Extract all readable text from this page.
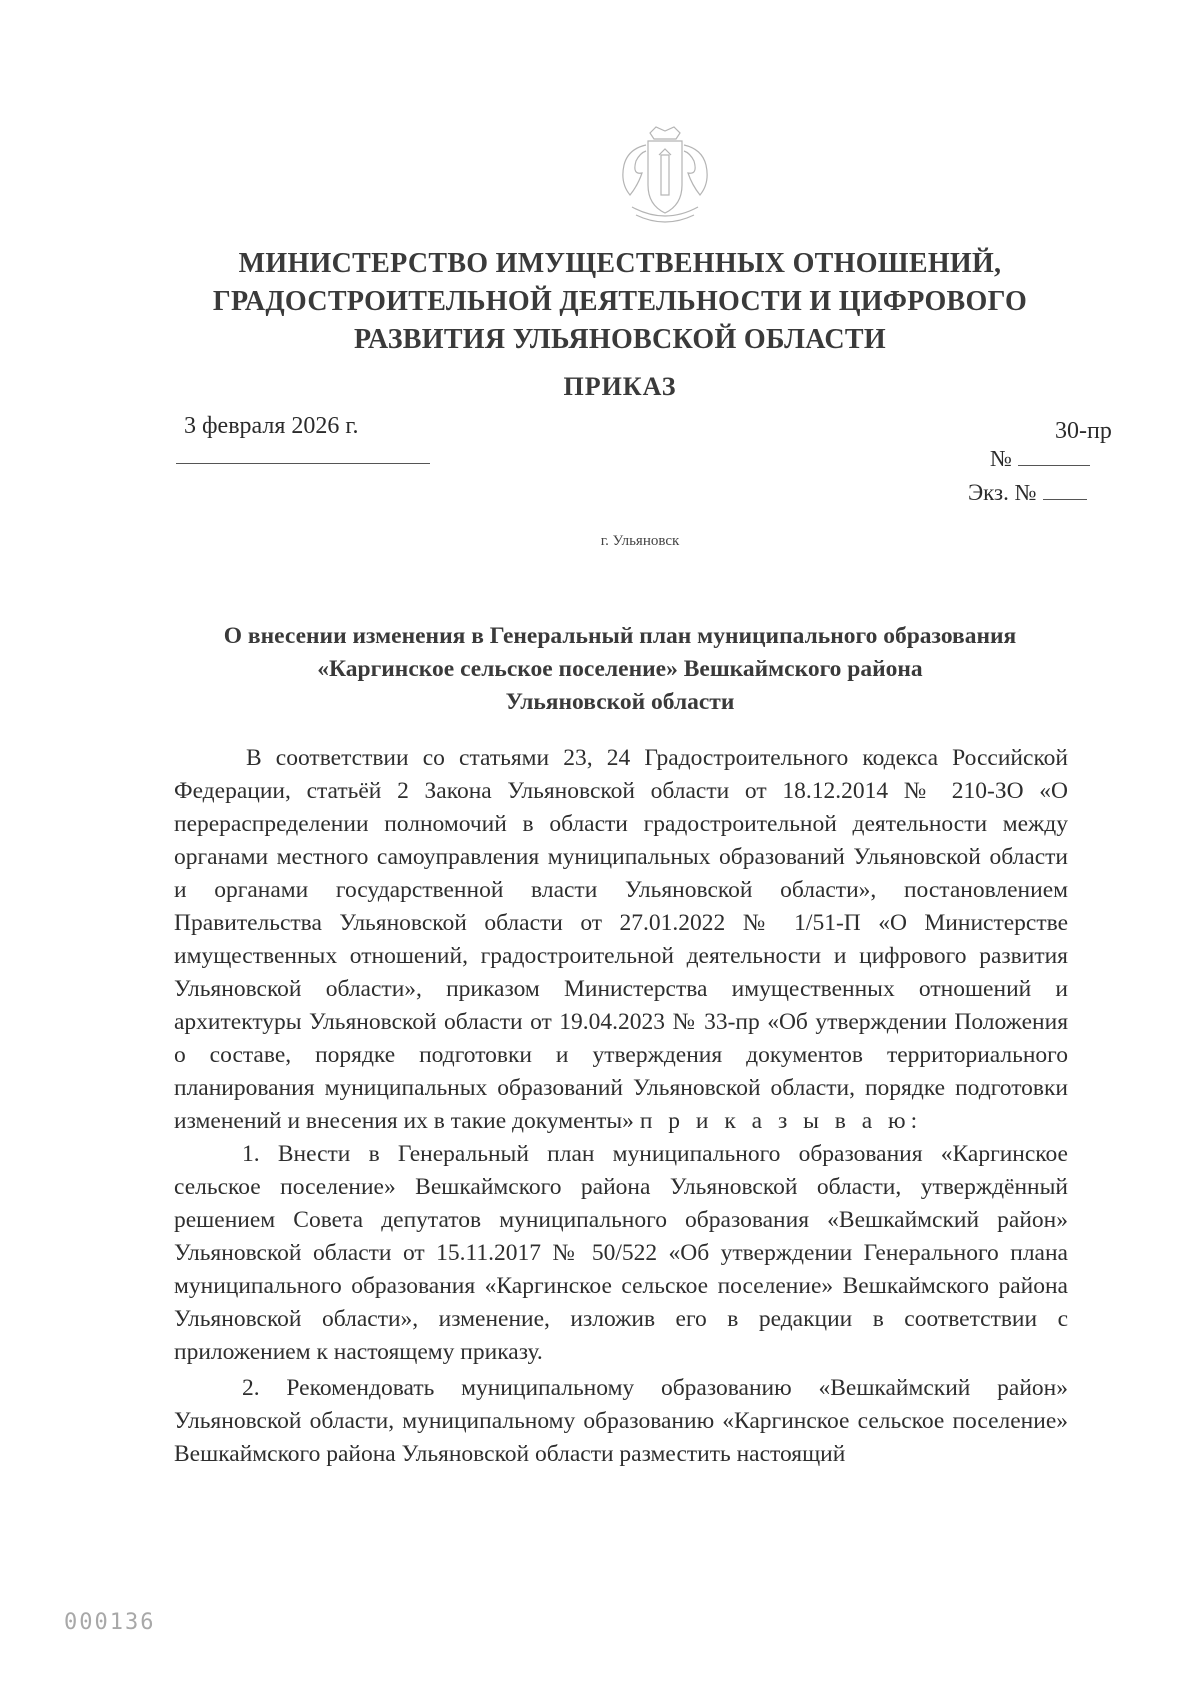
МИНИСТЕРСТВО ИМУЩЕСТВЕННЫХ ОТНОШЕНИЙ,
ГРАДОСТРОИТЕЛЬНОЙ ДЕЯТЕЛЬНОСТИ И ЦИФРОВОГО
РАЗВИТИЯ УЛЬЯНОВСКОЙ ОБЛАСТИ
ПРИКАЗ
3 февраля 2026 г.	30-пр
№
Экз. №
г. Ульяновск
О внесении изменения в Генеральный план муниципального образования
«Каргинское сельское поселение» Вешкаймского района
Ульяновской области

В соответствии со статьями 23, 24 Градостроительного кодекса Российской Федерации, статьёй 2 Закона Ульяновской области от 18.12.2014 № 210-ЗО «О перераспределении полномочий в области градостроительной деятельности между органами местного самоуправления муниципальных образований Ульяновской области и органами государственной власти Ульяновской области», постановлением Правительства Ульяновской области от 27.01.2022 № 1/51-П «О Министерстве имущественных отношений, градостроительной деятельности и цифрового развития Ульяновской области», приказом Министерства имущественных отношений и архитектуры Ульяновской области от 19.04.2023 № 33-пр «Об утверждении Положения о составе, порядке подготовки и утверждения документов территориального планирования муниципальных образований Ульяновской области, порядке подготовки изменений и внесения их в такие документы» п р и к а з ы в а ю:

1. Внести в Генеральный план муниципального образования «Каргинское сельское поселение» Вешкаймского района Ульяновской области, утверждённый решением Совета депутатов муниципального образования «Вешкаймский район» Ульяновской области от 15.11.2017 № 50/522 «Об утверждении Генерального плана муниципального образования «Каргинское сельское поселение» Вешкаймского района Ульяновской области», изменение, изложив его в редакции в соответствии с приложением к настоящему приказу.

2. Рекомендовать муниципальному образованию «Вешкаймский район» Ульяновской области, муниципальному образованию «Каргинское сельское поселение» Вешкаймского района Ульяновской области разместить настоящий

000136
